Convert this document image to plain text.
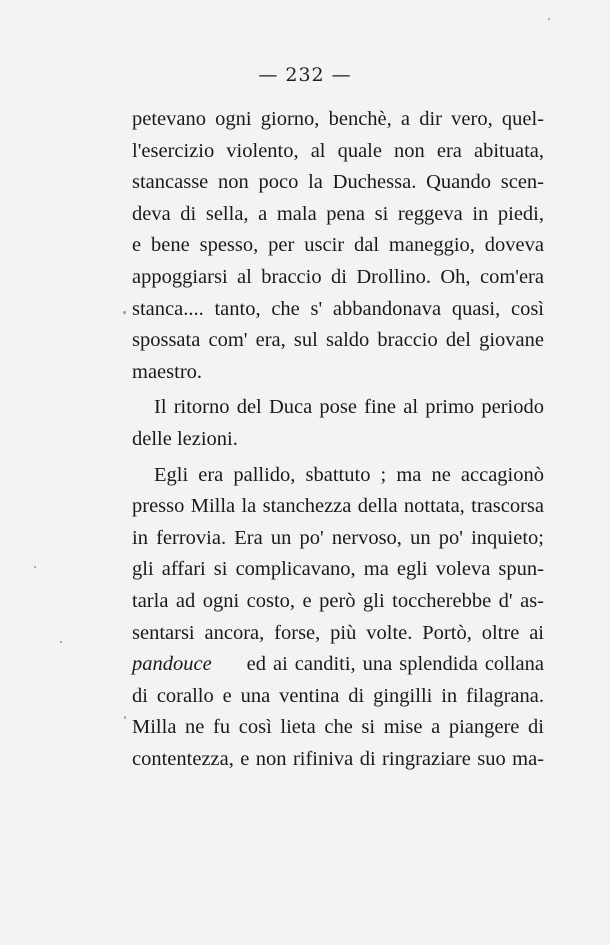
— 232 —
petevano ogni giorno, benchè, a dir vero, quel-
l'esercizio violento, al quale non era abituata,
stancasse non poco la Duchessa. Quando scen-
deva di sella, a mala pena si reggeva in piedi,
e bene spesso, per uscir dal maneggio, doveva
appoggiarsi al braccio di Drollino. Oh, com'era
stanca.... tanto, che s' abbandonava quasi, così
spossata com' era, sul saldo braccio del giovane
maestro.
Il ritorno del Duca pose fine al primo periodo
delle lezioni.
Egli era pallido, sbattuto ; ma ne accagionò
presso Milla la stanchezza della nottata, trascorsa
in ferrovia. Era un po' nervoso, un po' inquieto;
gli affari si complicavano, ma egli voleva spun-
tarla ad ogni costo, e però gli toccherebbe d' as-
sentarsi ancora, forse, più volte. Portò, oltre ai
pandouce ed ai canditi, una splendida collana
di corallo e una ventina di gingilli in filagrana.
Milla ne fu così lieta che si mise a piangere di
contentezza, e non rifiniva di ringraziare suo ma-
